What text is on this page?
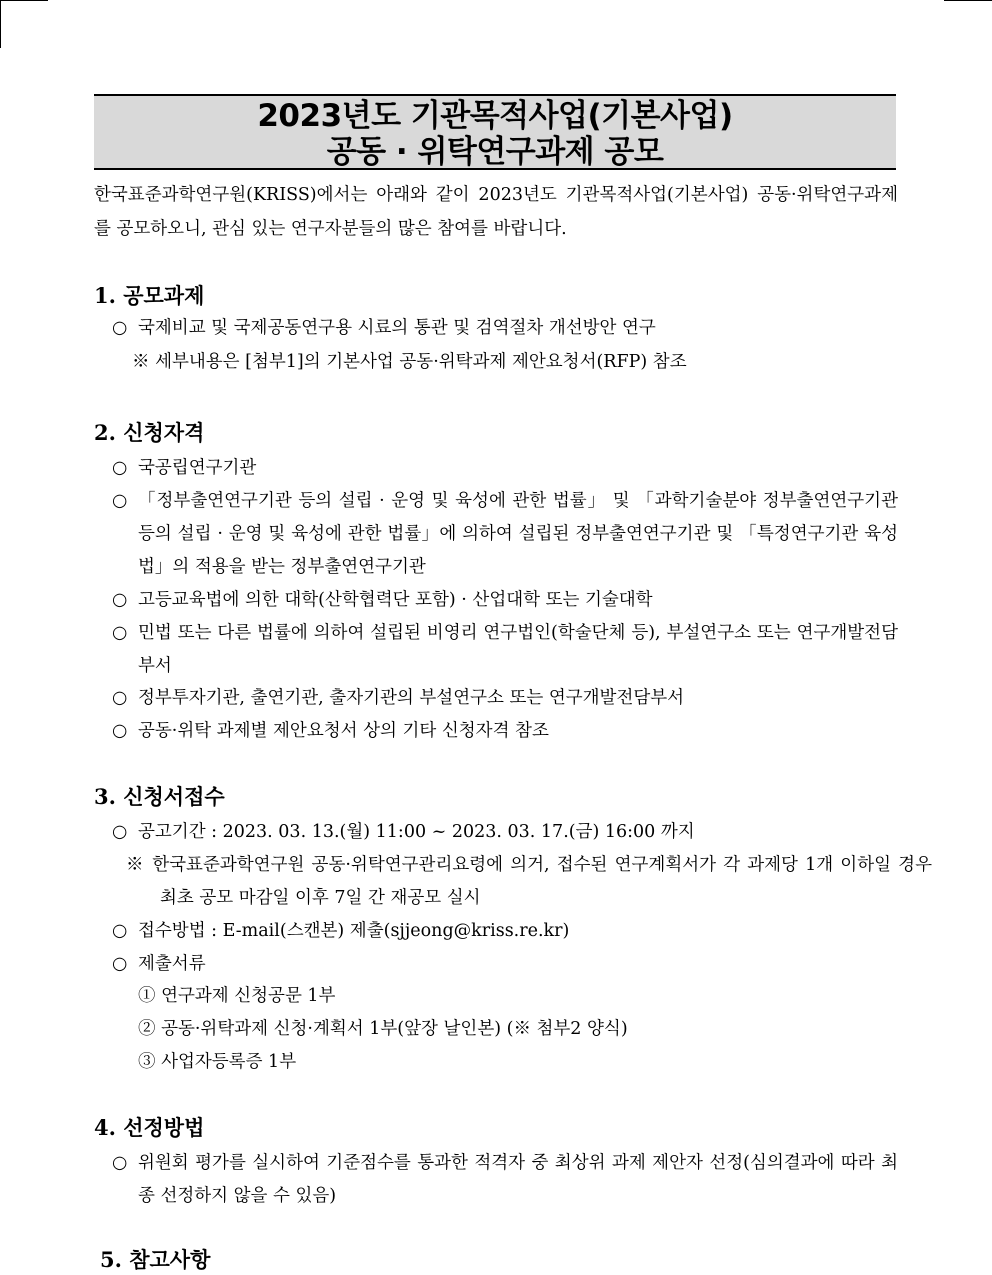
2023년도 기관목적사업(기본사업)
공동 · 위탁연구과제 공모
한국표준과학연구원(KRISS)에서는 아래와 같이 2023년도 기관목적사업(기본사업) 공동·위탁연구과제를 공모하오니, 관심 있는 연구자분들의 많은 참여를 바랍니다.
1. 공모과제
○ 국제비교 및 국제공동연구용 시료의 통관 및 검역절차 개선방안 연구
※ 세부내용은 [첨부1]의 기본사업 공동·위탁과제 제안요청서(RFP) 참조
2. 신청자격
○ 국공립연구기관
○ 「정부출연연구기관 등의 설립 · 운영 및 육성에 관한 법률」 및 「과학기술분야 정부출연연구기관 등의 설립 · 운영 및 육성에 관한 법률」에 의하여 설립된 정부출연연구기관 및 「특정연구기관 육성법」의 적용을 받는 정부출연연구기관
○ 고등교육법에 의한 대학(산학협력단 포함) · 산업대학 또는 기술대학
○ 민법 또는 다른 법률에 의하여 설립된 비영리 연구법인(학술단체 등), 부설연구소 또는 연구개발전담부서
○ 정부투자기관, 출연기관, 출자기관의 부설연구소 또는 연구개발전담부서
○ 공동·위탁 과제별 제안요청서 상의 기타 신청자격 참조
3. 신청서접수
○ 공고기간 : 2023. 03. 13.(월) 11:00 ~ 2023. 03. 17.(금) 16:00 까지
※ 한국표준과학연구원 공동·위탁연구관리요령에 의거, 접수된 연구계획서가 각 과제당 1개 이하일 경우 최초 공모 마감일 이후 7일 간 재공모 실시
○ 접수방법 : E-mail(스캔본) 제출(sjjeong@kriss.re.kr)
○ 제출서류
① 연구과제 신청공문 1부
② 공동·위탁과제 신청·계획서 1부(앞장 날인본) (※ 첨부2 양식)
③ 사업자등록증 1부
4. 선정방법
○ 위원회 평가를 실시하여 기준점수를 통과한 적격자 중 최상위 과제 제안자 선정(심의결과에 따라 최종 선정하지 않을 수 있음)
5. 참고사항
